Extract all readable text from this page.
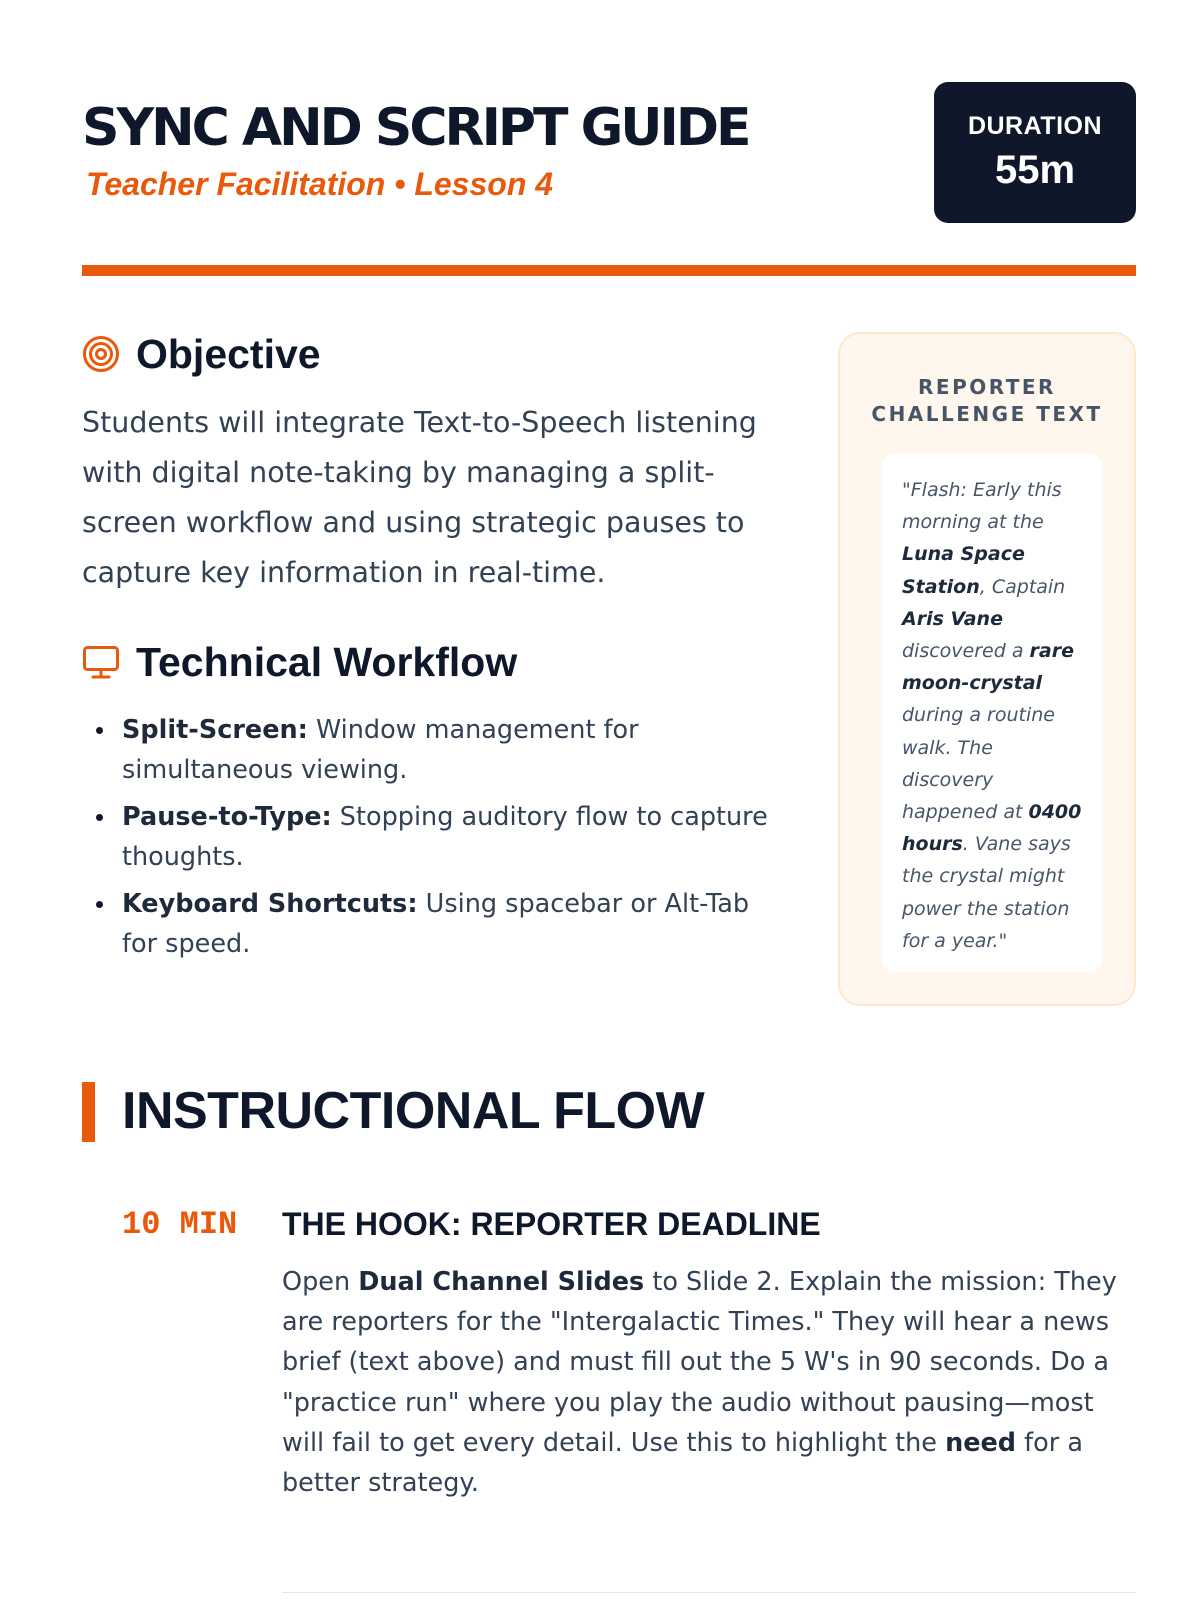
SYNC AND SCRIPT GUIDE

Teacher Facilitation • Lesson 4

DURATION
55m
Objective

Students will integrate Text-to-Speech listening with digital note-taking by managing a split-screen workflow and using strategic pauses to capture key information in real-time.

Technical Workflow
Split-Screen: Window management for simultaneous viewing.
Pause-to-Type: Stopping auditory flow to capture thoughts.
Keyboard Shortcuts: Using spacebar or Alt-Tab for speed.
REPORTER CHALLENGE TEXT
"Flash: Early this morning at the Luna Space Station, Captain Aris Vane discovered a rare moon-crystal during a routine walk. The discovery happened at 0400 hours. Vane says the crystal might power the station for a year."
INSTRUCTIONAL FLOW
10 MIN THE HOOK: REPORTER DEADLINE

Open Dual Channel Slides to Slide 2. Explain the mission: They are reporters for the "Intergalactic Times." They will hear a news brief (text above) and must fill out the 5 W's in 90 seconds. Do a "practice run" where you play the audio without pausing—most will fail to get every detail. Use this to highlight the need for a better strategy.
